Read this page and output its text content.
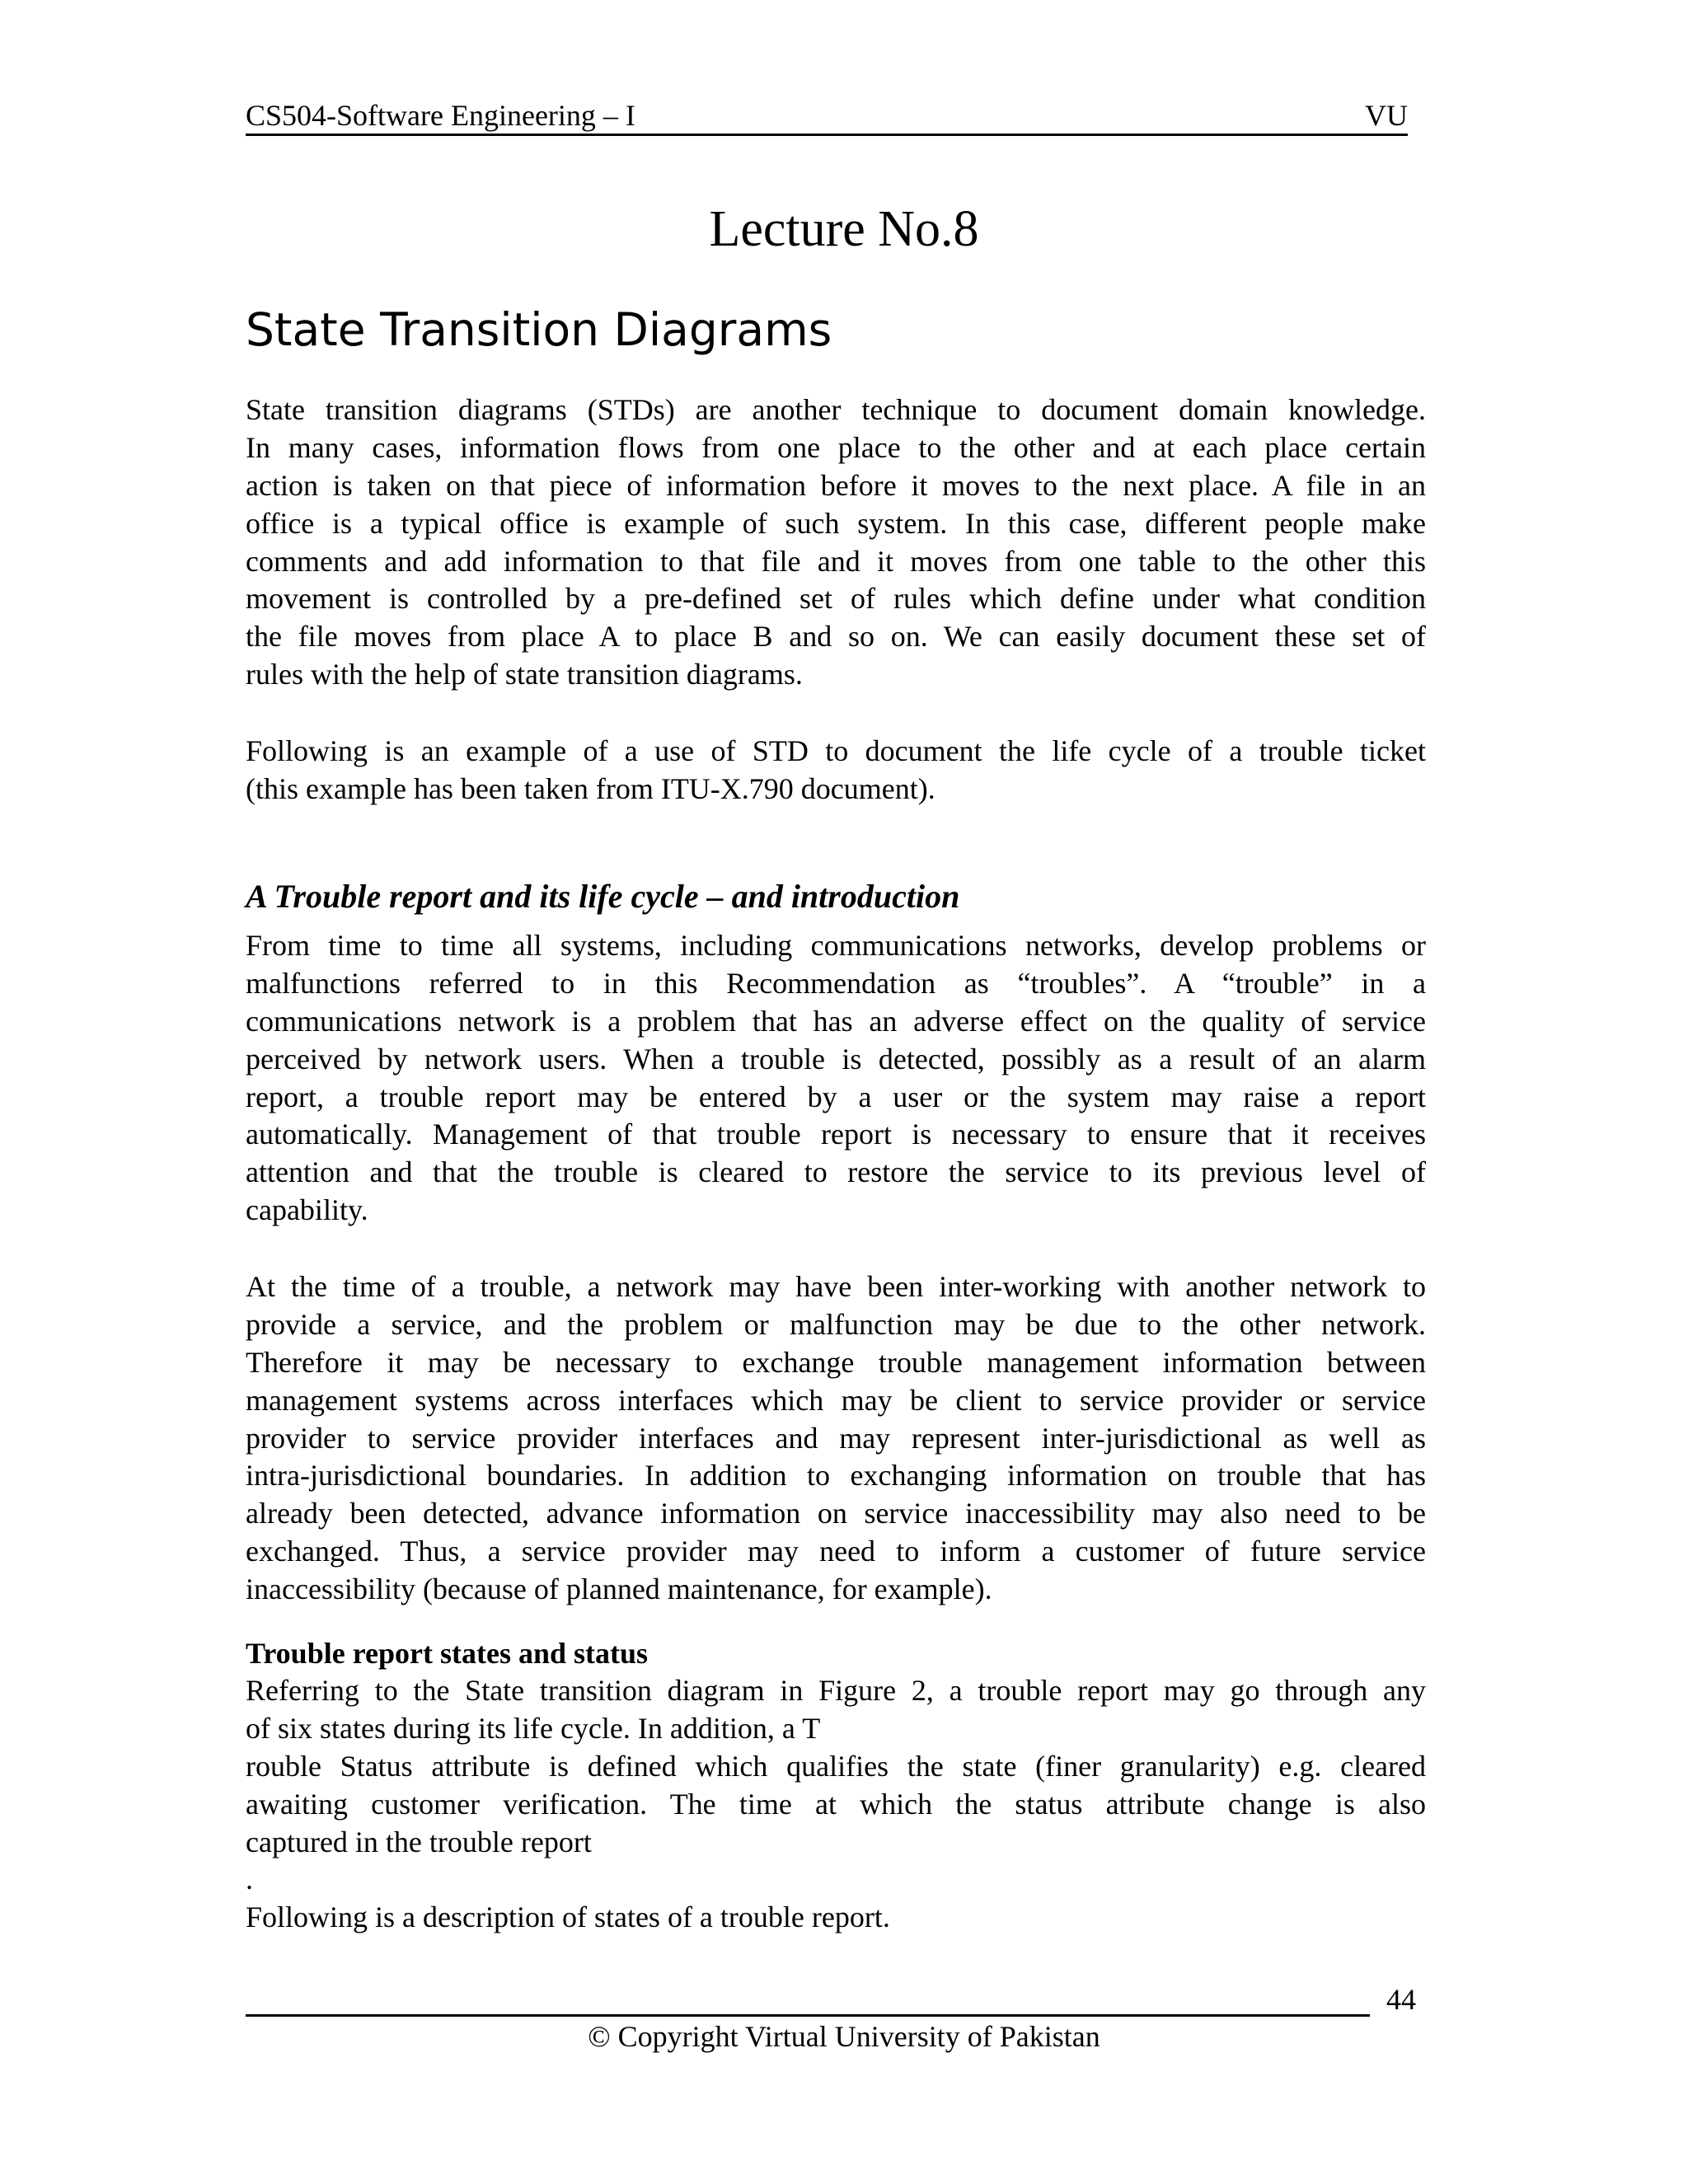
CS504-Software Engineering – I	VU
Lecture No.8
State Transition Diagrams
State transition diagrams (STDs) are another technique to document domain knowledge.
In many cases, information flows from one place to the other and at each place certain
action is taken on that piece of information before it moves to the next place. A file in an
office is a typical office is example of such system. In this case, different people make
comments and add information to that file and it moves from one table to the other this
movement is controlled by a pre-defined set of rules which define under what condition
the file moves from place A to place B and so on. We can easily document these set of
rules with the help of state transition diagrams.
Following is an example of a use of STD to document the life cycle of a trouble ticket
(this example has been taken from ITU-X.790 document).
A Trouble report and its life cycle – and introduction
From time to time all systems, including communications networks, develop problems or
malfunctions referred to in this Recommendation as “troubles”. A “trouble” in a
communications network is a problem that has an adverse effect on the quality of service
perceived by network users. When a trouble is detected, possibly as a result of an alarm
report, a trouble report may be entered by a user or the system may raise a report
automatically. Management of that trouble report is necessary to ensure that it receives
attention and that the trouble is cleared to restore the service to its previous level of
capability.
At the time of a trouble, a network may have been inter-working with another network to
provide a service, and the problem or malfunction may be due to the other network.
Therefore it may be necessary to exchange trouble management information between
management systems across interfaces which may be client to service provider or service
provider to service provider interfaces and may represent inter-jurisdictional as well as
intra-jurisdictional boundaries. In addition to exchanging information on trouble that has
already been detected, advance information on service inaccessibility may also need to be
exchanged. Thus, a service provider may need to inform a customer of future service
inaccessibility (because of planned maintenance, for example).
Trouble report states and status
Referring to the State transition diagram in Figure 2, a trouble report may go through any
of six states during its life cycle. In addition, a T
rouble Status attribute is defined which qualifies the state (finer granularity) e.g. cleared
awaiting customer verification. The time at which the status attribute change is also
captured in the trouble report
.
Following is a description of states of a trouble report.
44
© Copyright Virtual University of Pakistan
